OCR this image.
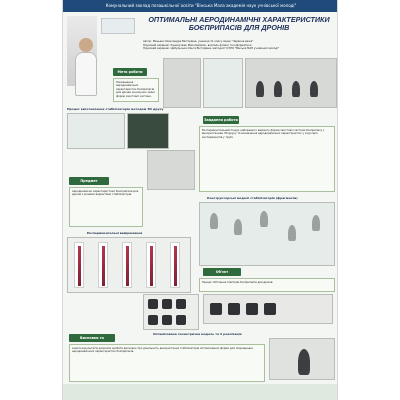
Комунальний заклад позашкільної освіти "Вінська Мала академія наук учнівської молоді"
ОПТИМАЛЬНІ АЕРОДИНАМІЧНІ ХАРАКТЕРИСТИКИ БОЄПРИПАСІВ ДЛЯ ДРОНІВ
Автор: Меньша Олександра Вікторівна, учениця 11 класу ліцею "Червона вежа"
Науковий керівник: Кушнір Іван Миколайович, вчитель фізики та інформатики
Науковий керівник: Цибульська Ольга Вікторівна, методист КЗПО "Вінська МАН учнівської молоді"
Мета роботи
Покращення аеродинамічних характеристик боєприпасів для дронів за рахунок зміни форми хвостової частини.
Процес виготовлення стабілізаторів методом 3D друку
Завдання роботи
Експериментальний пошук найкращого варіанту форми хвостової частини боєприпасу з використанням 3D друку та визначення аеродинамічних характеристик у ході серії експериментів у трубі.
Предмет
Аеродинамічні характеристики боєприпасів для дронів з різними варіантами стабілізаторів.
Конструкторські моделі стабілізаторів (фрагменти)
Експериментальні вимірювання
Об'єкт
Процес обтікання повітрям боєприпасів для дронів.
Оптимізована геометрична модель та її реалізація
Висновки та
Аналіз результатів дозволяє зробити висновок про доцільність використання стабілізаторів оптимізованої форми для покращення аеродинамічних характеристик боєприпасів.
